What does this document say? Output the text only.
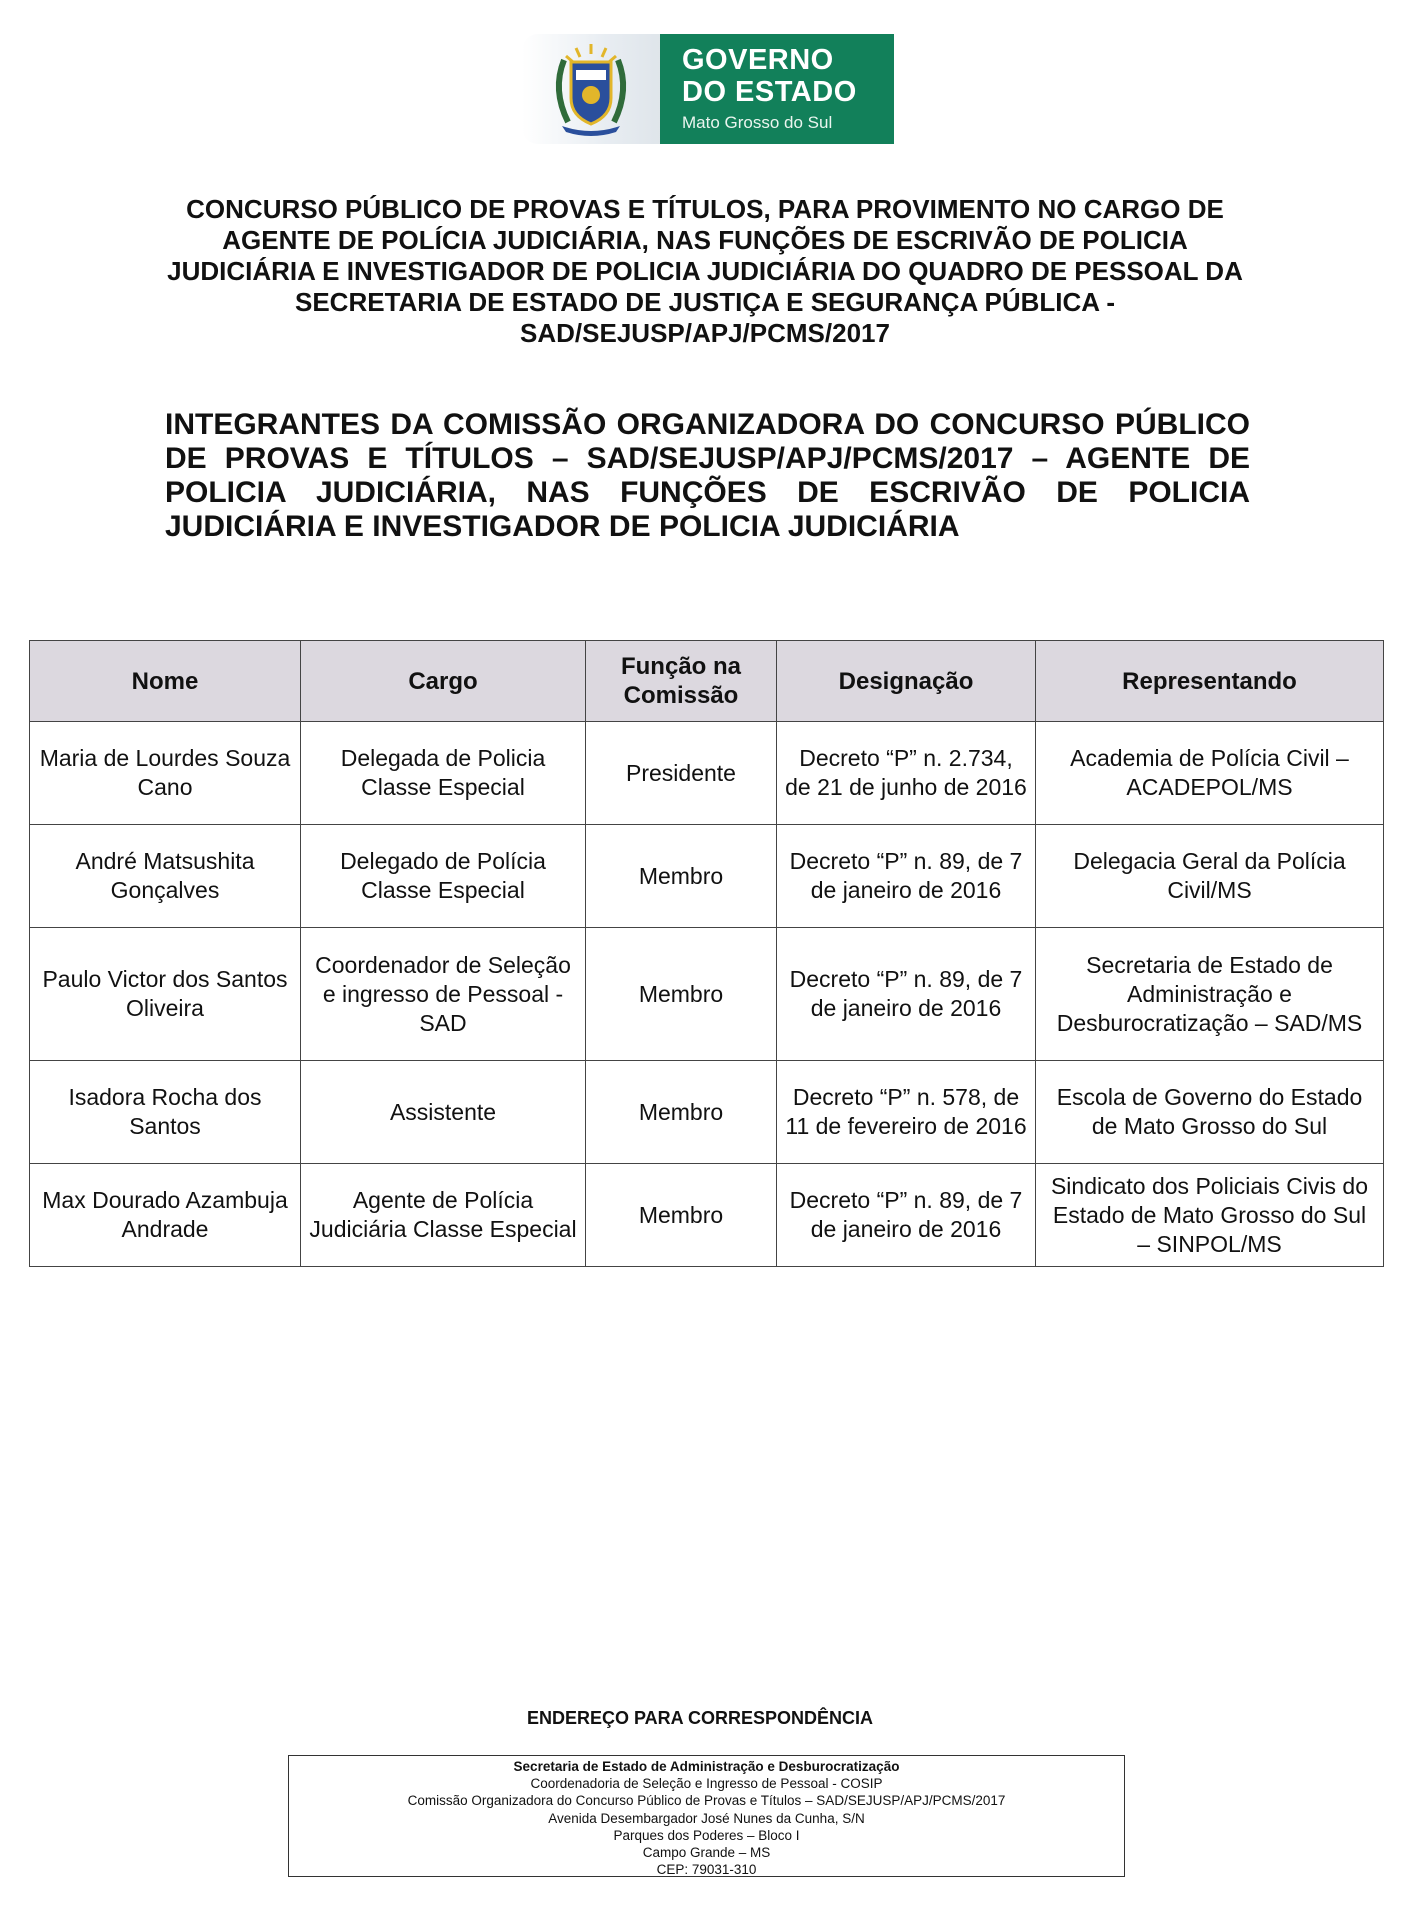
GOVERNO
DO ESTADO
Mato Grosso do Sul
CONCURSO PÚBLICO DE PROVAS E TÍTULOS, PARA PROVIMENTO NO CARGO DE AGENTE DE POLÍCIA JUDICIÁRIA, NAS FUNÇÕES DE ESCRIVÃO DE POLICIA JUDICIÁRIA E INVESTIGADOR DE POLICIA JUDICIÁRIA DO QUADRO DE PESSOAL DA SECRETARIA DE ESTADO DE JUSTIÇA E SEGURANÇA PÚBLICA - SAD/SEJUSP/APJ/PCMS/2017
INTEGRANTES DA COMISSÃO ORGANIZADORA DO CONCURSO PÚBLICO DE PROVAS E TÍTULOS – SAD/SEJUSP/APJ/PCMS/2017 – AGENTE DE POLICIA JUDICIÁRIA, NAS FUNÇÕES DE ESCRIVÃO DE POLICIA JUDICIÁRIA E INVESTIGADOR DE POLICIA JUDICIÁRIA
Nome	Cargo	Função na Comissão	Designação	Representando
Maria de Lourdes Souza Cano	Delegada de Policia Classe Especial	Presidente	Decreto “P” n. 2.734, de 21 de junho de 2016	Academia de Polícia Civil – ACADEPOL/MS
André Matsushita Gonçalves	Delegado de Polícia Classe Especial	Membro	Decreto “P” n. 89, de 7 de janeiro de 2016	Delegacia Geral da Polícia Civil/MS
Paulo Victor dos Santos Oliveira	Coordenador de Seleção e ingresso de Pessoal - SAD	Membro	Decreto “P” n. 89, de 7 de janeiro de 2016	Secretaria de Estado de Administração e Desburocratização – SAD/MS
Isadora Rocha dos Santos	Assistente	Membro	Decreto “P” n. 578, de 11 de fevereiro de 2016	Escola de Governo do Estado de Mato Grosso do Sul
Max Dourado Azambuja Andrade	Agente de Polícia Judiciária Classe Especial	Membro	Decreto “P” n. 89, de 7 de janeiro de 2016	Sindicato dos Policiais Civis do Estado de Mato Grosso do Sul – SINPOL/MS
ENDEREÇO PARA CORRESPONDÊNCIA
Secretaria de Estado de Administração e Desburocratização
Coordenadoria de Seleção e Ingresso de Pessoal - COSIP
Comissão Organizadora do Concurso Público de Provas e Títulos – SAD/SEJUSP/APJ/PCMS/2017
Avenida Desembargador José Nunes da Cunha, S/N
Parques dos Poderes – Bloco I
Campo Grande – MS
CEP: 79031-310
